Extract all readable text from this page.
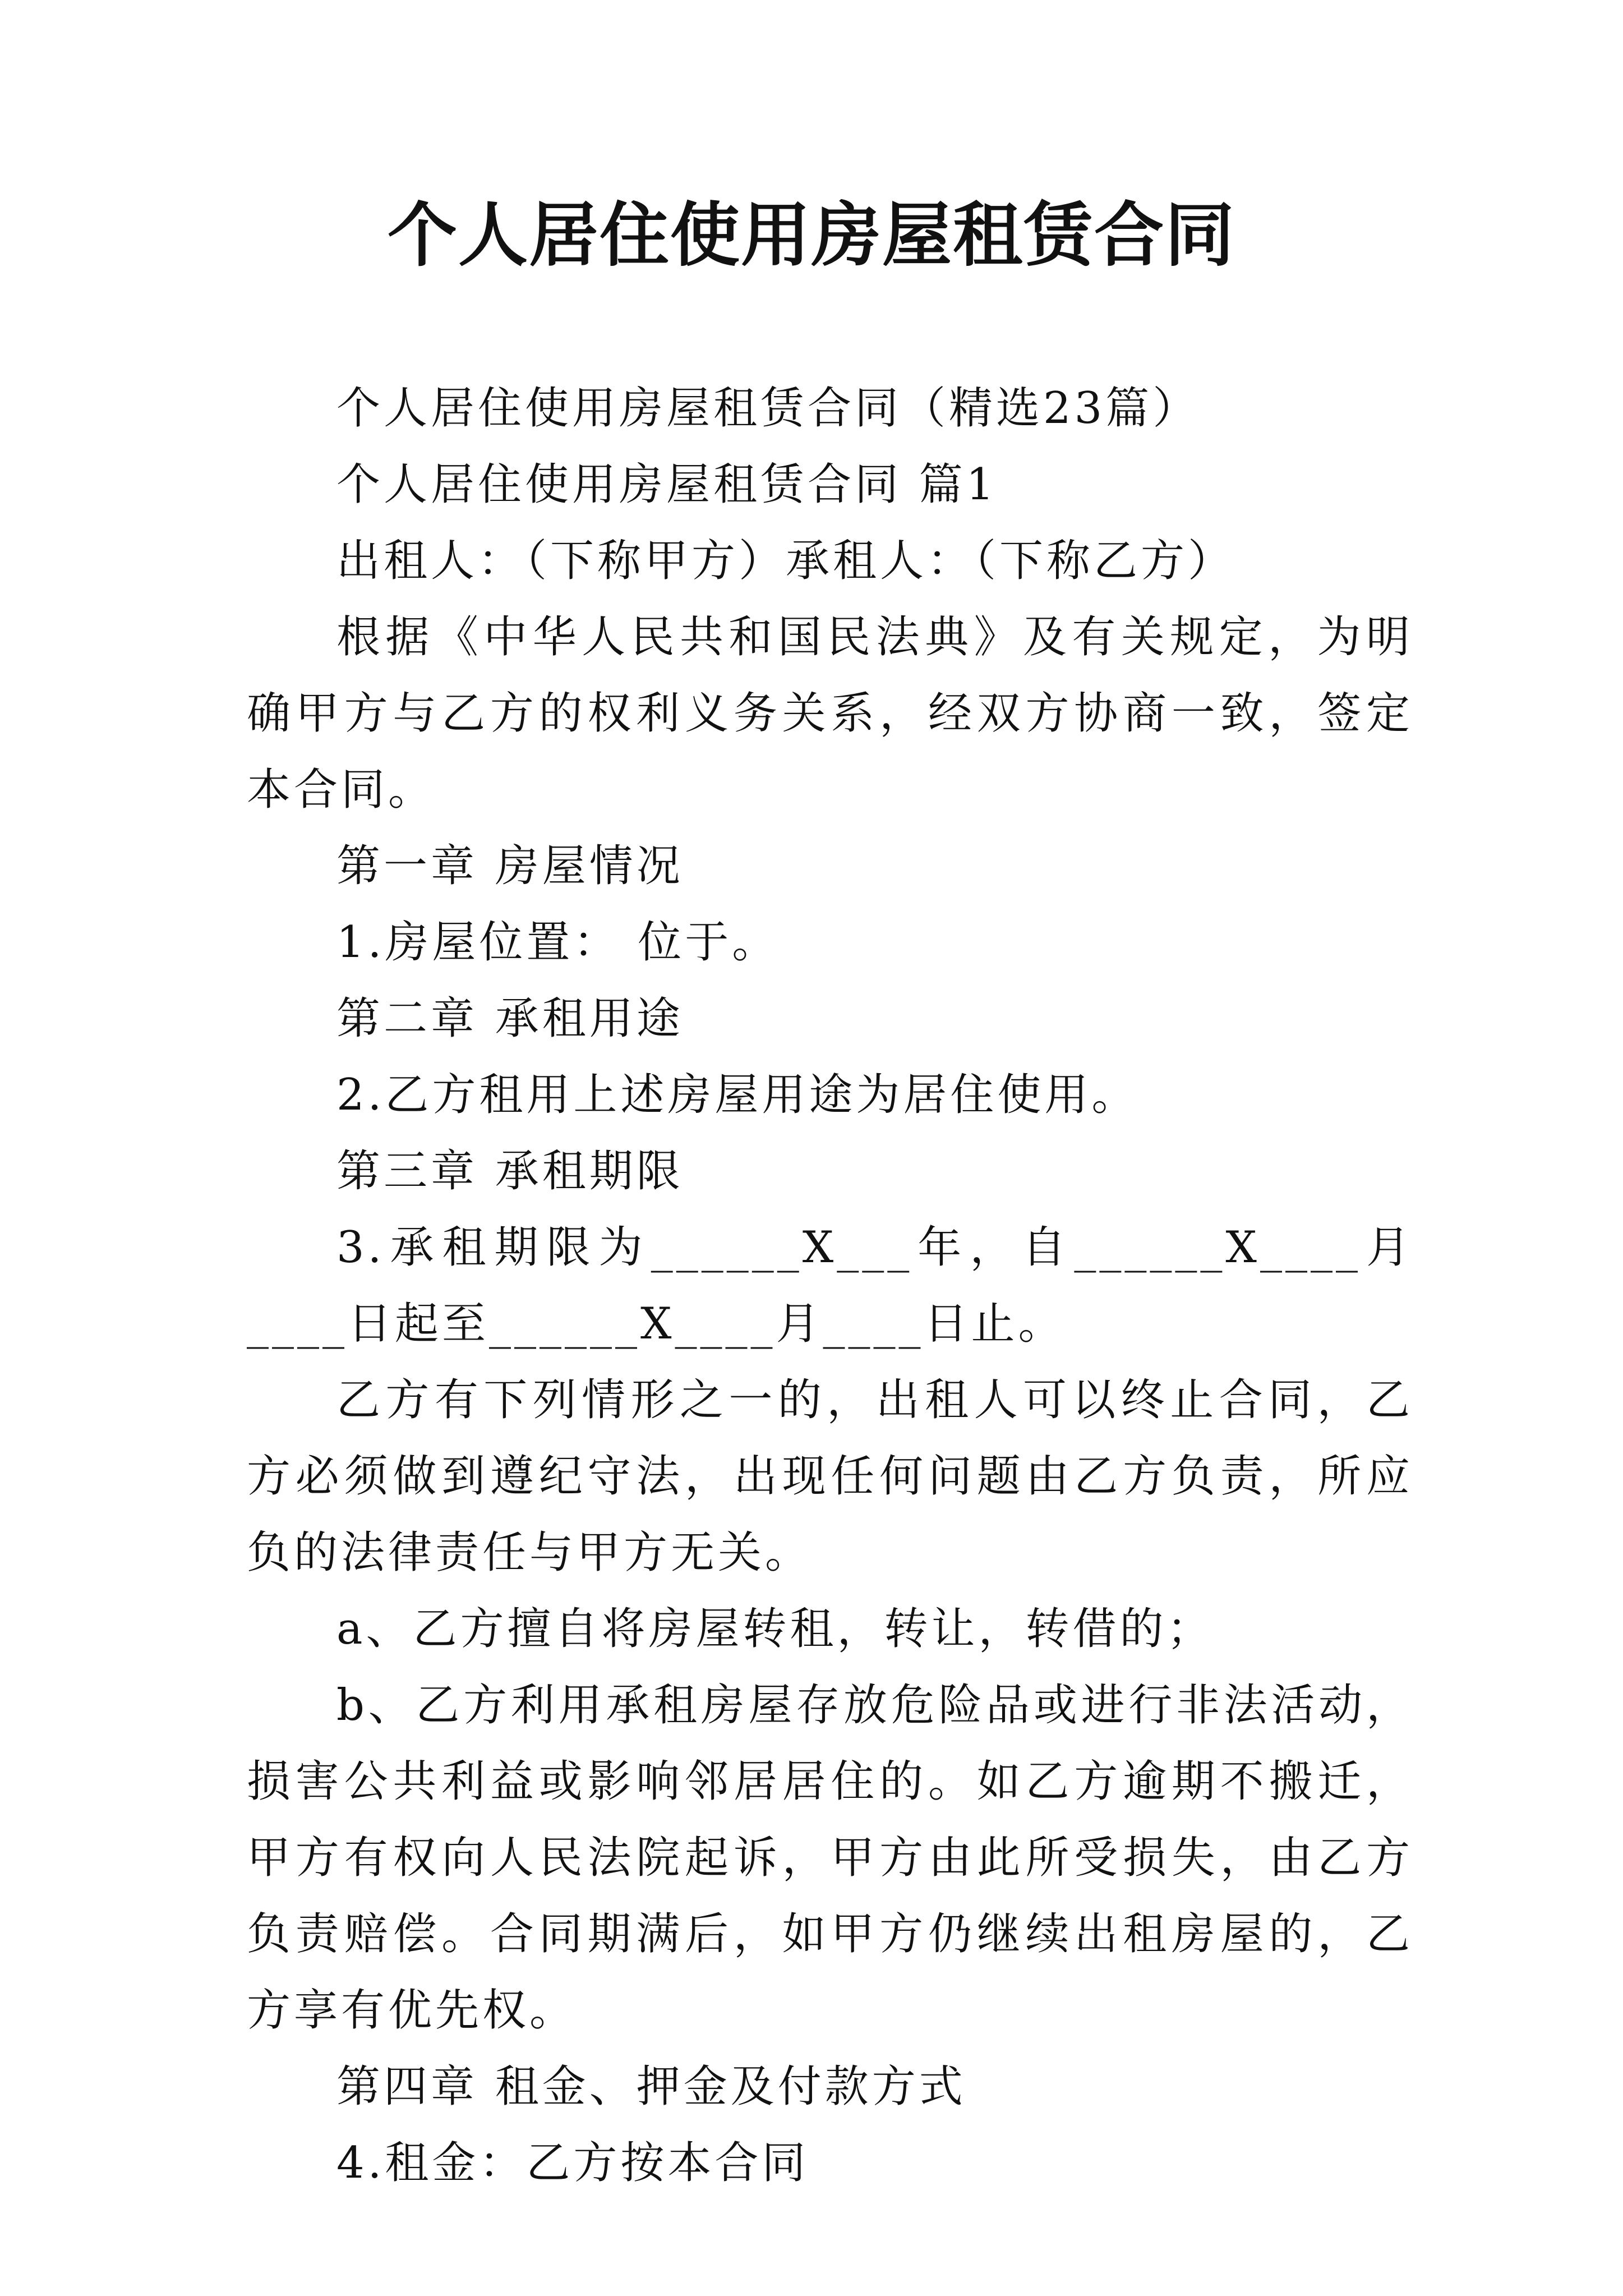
个人居住使用房屋租赁合同

个人居住使用房屋租赁合同（精选23篇）

个人居住使用房屋租赁合同 篇1

出租人：（下称甲方）承租人：（下称乙方）

根据《中华人民共和国民法典》及有关规定，为明确甲方与乙方的权利义务关系，经双方协商一致，签定本合同。

第一章 房屋情况

1.房屋位置： 位于。

第二章 承租用途

2.乙方租用上述房屋用途为居住使用。

第三章 承租期限

3.承租期限为______X___年，自______X____月____日起至______X____月____日止。

乙方有下列情形之一的，出租人可以终止合同，乙方必须做到遵纪守法，出现任何问题由乙方负责，所应负的法律责任与甲方无关。

a、乙方擅自将房屋转租，转让，转借的；

b、乙方利用承租房屋存放危险品或进行非法活动，损害公共利益或影响邻居居住的。如乙方逾期不搬迁，甲方有权向人民法院起诉，甲方由此所受损失，由乙方负责赔偿。合同期满后，如甲方仍继续出租房屋的，乙方享有优先权。

第四章 租金、押金及付款方式

4.租金：乙方按本合同
